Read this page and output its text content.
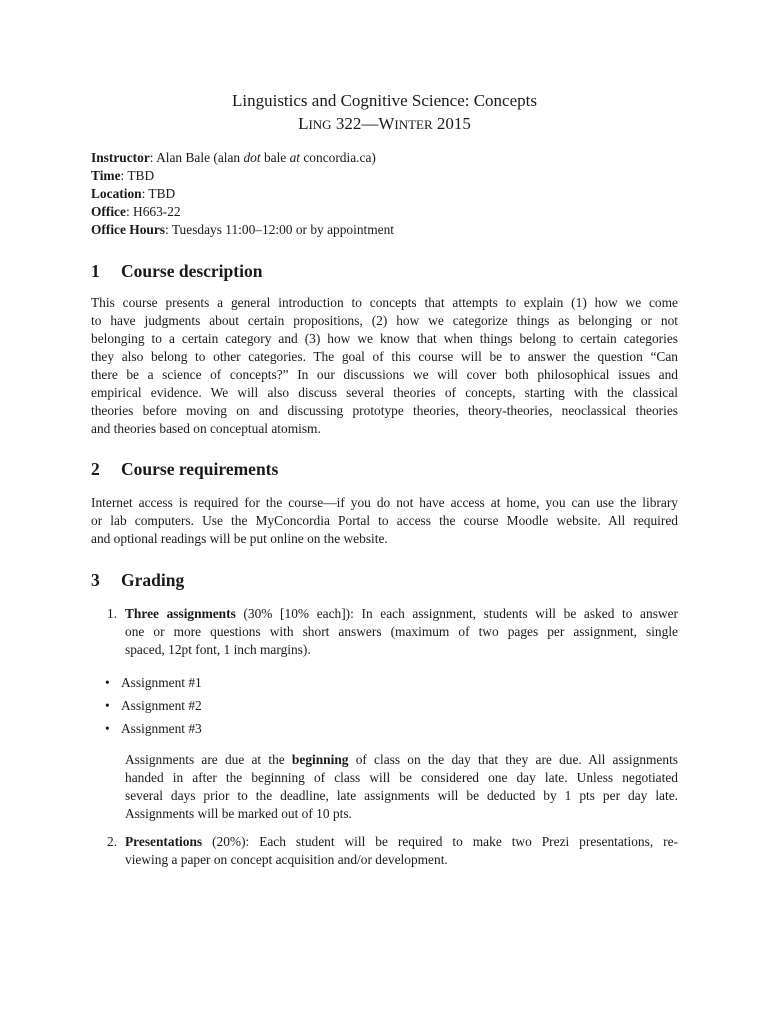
Linguistics and Cognitive Science: Concepts
LING 322—WINTER 2015
Instructor: Alan Bale (alan dot bale at concordia.ca)
Time: TBD
Location: TBD
Office: H663-22
Office Hours: Tuesdays 11:00–12:00 or by appointment
1 Course description
This course presents a general introduction to concepts that attempts to explain (1) how we come
to have judgments about certain propositions, (2) how we categorize things as belonging or not
belonging to a certain category and (3) how we know that when things belong to certain categories
they also belong to other categories. The goal of this course will be to answer the question “Can
there be a science of concepts?” In our discussions we will cover both philosophical issues and
empirical evidence. We will also discuss several theories of concepts, starting with the classical
theories before moving on and discussing prototype theories, theory-theories, neoclassical theories
and theories based on conceptual atomism.
2 Course requirements
Internet access is required for the course—if you do not have access at home, you can use the library
or lab computers. Use the MyConcordia Portal to access the course Moodle website. All required
and optional readings will be put online on the website.
3 Grading
1. Three assignments (30% [10% each]): In each assignment, students will be asked to answer
one or more questions with short answers (maximum of two pages per assignment, single
spaced, 12pt font, 1 inch margins).
• Assignment #1
• Assignment #2
• Assignment #3
Assignments are due at the beginning of class on the day that they are due. All assignments
handed in after the beginning of class will be considered one day late. Unless negotiated
several days prior to the deadline, late assignments will be deducted by 1 pts per day late.
Assignments will be marked out of 10 pts.
2. Presentations (20%): Each student will be required to make two Prezi presentations, re-
viewing a paper on concept acquisition and/or development.
